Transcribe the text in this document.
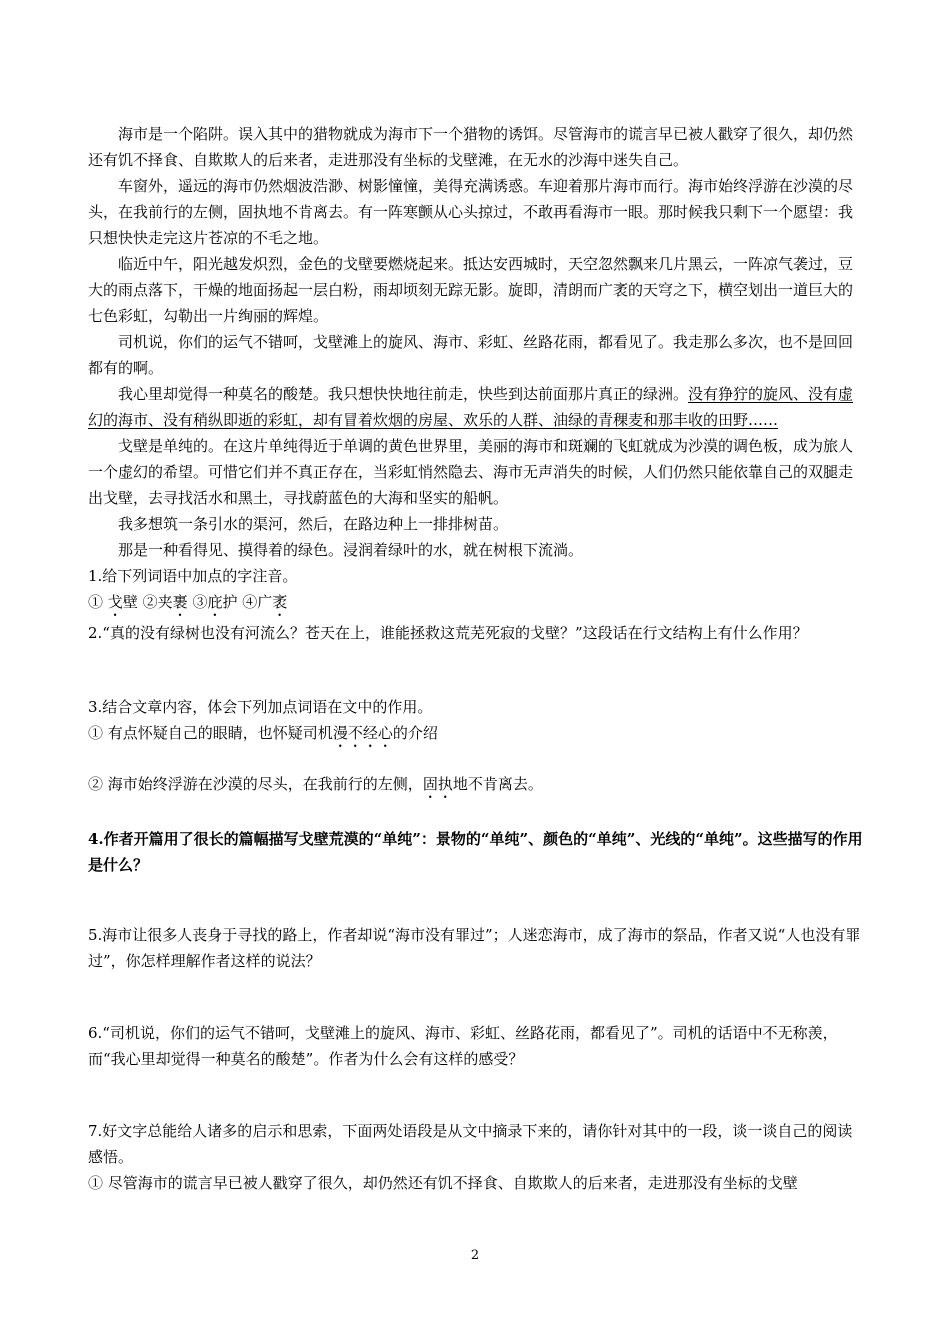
海市是一个陷阱。误入其中的猎物就成为海市下一个猎物的诱饵。尽管海市的谎言早已被人戳穿了很久，却仍然还有饥不择食、自欺欺人的后来者，走进那没有坐标的戈壁滩，在无水的沙海中迷失自己。

车窗外，遥远的海市仍然烟波浩渺、树影憧憧，美得充满诱惑。车迎着那片海市而行。海市始终浮游在沙漠的尽头，在我前行的左侧，固执地不肯离去。有一阵寒颤从心头掠过，不敢再看海市一眼。那时候我只剩下一个愿望：我只想快快走完这片苍凉的不毛之地。

临近中午，阳光越发炽烈，金色的戈壁要燃烧起来。抵达安西城时，天空忽然飘来几片黑云，一阵凉气袭过，豆大的雨点落下，干燥的地面扬起一层白粉，雨却顷刻无踪无影。旋即，清朗而广袤的天穹之下，横空划出一道巨大的七色彩虹，勾勒出一片绚丽的辉煌。

司机说，你们的运气不错呵，戈壁滩上的旋风、海市、彩虹、丝路花雨，都看见了。我走那么多次，也不是回回都有的啊。

我心里却觉得一种莫名的酸楚。我只想快快地往前走，快些到达前面那片真正的绿洲。没有狰狞的旋风、没有虚幻的海市、没有稍纵即逝的彩虹，却有冒着炊烟的房屋、欢乐的人群、油绿的青稞麦和那丰收的田野……

戈壁是单纯的。在这片单纯得近于单调的黄色世界里，美丽的海市和斑斓的飞虹就成为沙漠的调色板，成为旅人一个虚幻的希望。可惜它们并不真正存在，当彩虹悄然隐去、海市无声消失的时候，人们仍然只能依靠自己的双腿走出戈壁，去寻找活水和黑土，寻找蔚蓝色的大海和坚实的船帆。

我多想筑一条引水的渠河，然后，在路边种上一排排树苗。

那是一种看得见、摸得着的绿色。浸润着绿叶的水，就在树根下流淌。

1.给下列词语中加点的字注音。

① 戈壁 ②夹裹 ③庇护 ④广袤

2.“真的没有绿树也没有河流么？苍天在上，谁能拯救这荒芜死寂的戈壁？”这段话在行文结构上有什么作用？

3.结合文章内容，体会下列加点词语在文中的作用。

① 有点怀疑自己的眼睛，也怀疑司机漫不经心的介绍

② 海市始终浮游在沙漠的尽头，在我前行的左侧，固执地不肯离去。

4.作者开篇用了很长的篇幅描写戈壁荒漠的“单纯”：景物的“单纯”、颜色的“单纯”、光线的“单纯”。这些描写的作用是什么？

5.海市让很多人丧身于寻找的路上，作者却说“海市没有罪过”；人迷恋海市，成了海市的祭品，作者又说“人也没有罪过”，你怎样理解作者这样的说法？

6.“司机说，你们的运气不错呵，戈壁滩上的旋风、海市、彩虹、丝路花雨，都看见了”。司机的话语中不无称羡，而“我心里却觉得一种莫名的酸楚”。作者为什么会有这样的感受？

7.好文字总能给人诸多的启示和思索，下面两处语段是从文中摘录下来的，请你针对其中的一段，谈一谈自己的阅读感悟。

① 尽管海市的谎言早已被人戳穿了很久，却仍然还有饥不择食、自欺欺人的后来者，走进那没有坐标的戈壁

2
